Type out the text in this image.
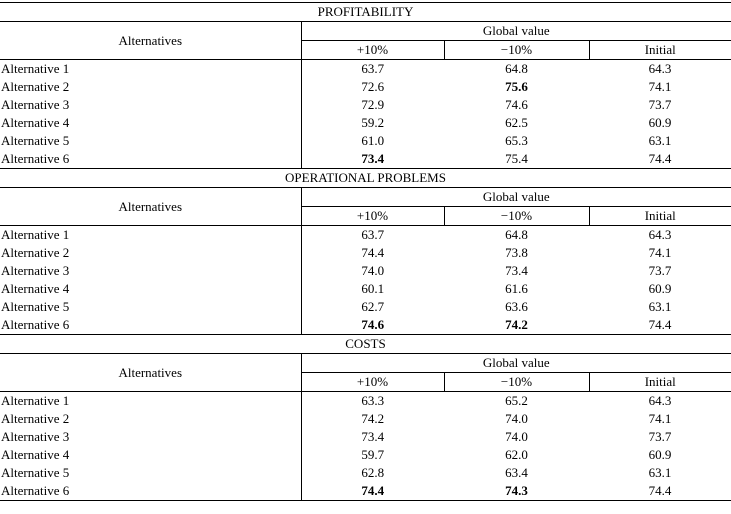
PROFITABILITY			
Alternatives	Global value		
	+10%	−10%	Initial
Alternative 1	63.7	64.8	64.3
Alternative 2	72.6	75.6	74.1
Alternative 3	72.9	74.6	73.7
Alternative 4	59.2	62.5	60.9
Alternative 5	61.0	65.3	63.1
Alternative 6	73.4	75.4	74.4
OPERATIONAL PROBLEMS			
Alternatives	Global value		
	+10%	−10%	Initial
Alternative 1	63.7	64.8	64.3
Alternative 2	74.4	73.8	74.1
Alternative 3	74.0	73.4	73.7
Alternative 4	60.1	61.6	60.9
Alternative 5	62.7	63.6	63.1
Alternative 6	74.6	74.2	74.4
COSTS			
Alternatives	Global value		
	+10%	−10%	Initial
Alternative 1	63.3	65.2	64.3
Alternative 2	74.2	74.0	74.1
Alternative 3	73.4	74.0	73.7
Alternative 4	59.7	62.0	60.9
Alternative 5	62.8	63.4	63.1
Alternative 6	74.4	74.3	74.4
